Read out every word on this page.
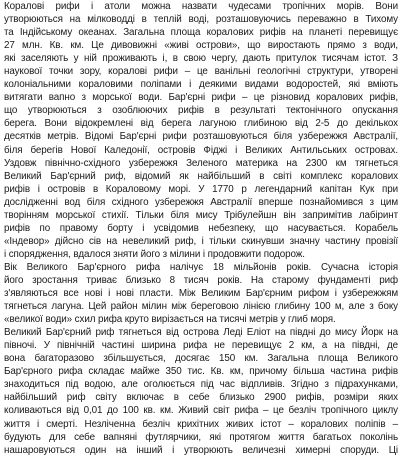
Коралові рифи і атоли можна назвати чудесами тропічних морів. Вони
утворюються на мілководді в теплій воді, розташовуючись переважно в Тихому
та Індійському океанах. Загальна площа коралових рифів на планеті перевищує
27 млн. Кв. км. Це дивовижні «живі острови», що виростають прямо з води,
які заселяють у ній проживають і, в свою чергу, дають притулок тисячам істот. З
наукової точки зору, коралові рифи – це ванільні геологічні структури, утворені
колоніальними кораловими поліпами і деякими видами водоростей, які вміють
витягати вапно з морської води. Бар'єрні рифи – це різновид коралових рифів,
що утворюються з озоблюючих рифів в результаті тектонічного опускання
берега. Вони відокремлені від берега лагуною глибиною від 2-5 до декількох
десятків метрів. Відомі Бар'єрні рифи розташовуються біля узбережжя Австралії,
біля берегів Нової Каледонії, островів Фіджі і Великих Антильських островах.
Уздовж північно-східного узбережжя Зеленого материка на 2300 км тягнеться
Великий Бар'єрний риф, відомий як найбільший в світі комплекс коралових
рифів і островів в Кораловому морі. У 1770 р легендарний капітан Кук при
дослідженні вод біля східного узбережжя Австралії вперше познайомився з цим
творінням морської стихії. Тільки біля мису Трібулейшн він запримітив лабіринт
рифів по правому борту і усвідомив небезпеку, що насувається. Корабель
«Індевор» дійсно сів на невеликий риф, і тільки скинувши значну частину провізії
і спорядження, вдалося зняти його з мілини і продовжити подорож.
Вік Великого Бар'єрного рифа налічує 18 мільйонів років. Сучасна історія
його зростання триває близько 8 тисяч років. На старому фундаменті риф
з'являються все нові і нові пласти. Між Великим Бар'єрним рифом і узбережжям
тягнеться лагуна. Цей район мілин між береговою лінією глибину 100 м, але з боку
«великої води» схил рифа круто вирізається на тисячі метрів у глиб моря.
Великий Бар'єрний риф тягнеться від острова Леді Еліот на півдні до мису Йорк на
півночі. У північній частині ширина рифа не перевищує 2 км, а на півдні, де
вона багаторазово збільшується, досягає 150 км. Загальна площа Великого
Бар'єрного рифа складає майже 350 тис. Кв. км, причому більша частина рифів
знаходиться під водою, але оголюється під час відпливів. Згідно з підрахунками,
найбільший риф світу включає в себе близько 2900 рифів, розміри яких
коливаються від 0,01 до 100 кв. км. Живий світ рифа – це безліч тропічного циклу
життя і смерті. Незліченна безліч крихітних живих істот – коралових поліпів –
будують для себе вапняні футлярчики, які протягом життя багатьох поколінь
нашаровуються один на інший і утворюють величезні химерні споруди. Ці
